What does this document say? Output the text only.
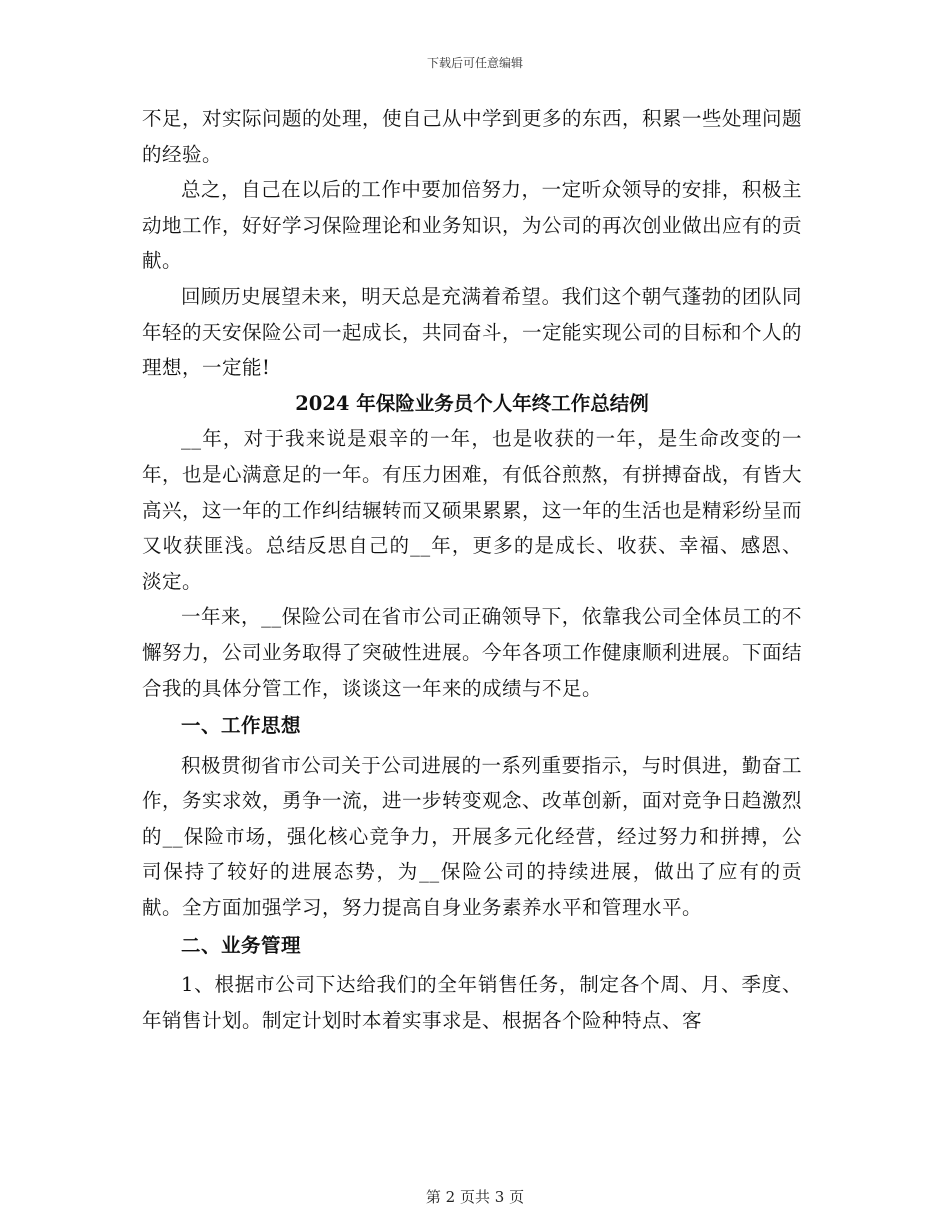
下载后可任意编辑

不足，对实际问题的处理，使自己从中学到更多的东西，积累一些处理问题的经验。

总之，自己在以后的工作中要加倍努力，一定听众领导的安排，积极主动地工作，好好学习保险理论和业务知识，为公司的再次创业做出应有的贡献。

回顾历史展望未来，明天总是充满着希望。我们这个朝气蓬勃的团队同年轻的天安保险公司一起成长，共同奋斗，一定能实现公司的目标和个人的理想，一定能!

2024 年保险业务员个人年终工作总结例

__年，对于我来说是艰辛的一年，也是收获的一年，是生命改变的一年，也是心满意足的一年。有压力困难，有低谷煎熬，有拼搏奋战，有皆大高兴，这一年的工作纠结辗转而又硕果累累，这一年的生活也是精彩纷呈而又收获匪浅。总结反思自己的__年，更多的是成长、收获、幸福、感恩、淡定。

一年来，__保险公司在省市公司正确领导下，依靠我公司全体员工的不懈努力，公司业务取得了突破性进展。今年各项工作健康顺利进展。下面结合我的具体分管工作，谈谈这一年来的成绩与不足。

一、工作思想

积极贯彻省市公司关于公司进展的一系列重要指示，与时俱进，勤奋工作，务实求效，勇争一流，进一步转变观念、改革创新，面对竞争日趋激烈的__保险市场，强化核心竞争力，开展多元化经营，经过努力和拼搏，公司保持了较好的进展态势，为__保险公司的持续进展，做出了应有的贡献。全方面加强学习，努力提高自身业务素养水平和管理水平。

二、业务管理

1、根据市公司下达给我们的全年销售任务，制定各个周、月、季度、年销售计划。制定计划时本着实事求是、根据各个险种特点、客

第 2 页共 3 页
